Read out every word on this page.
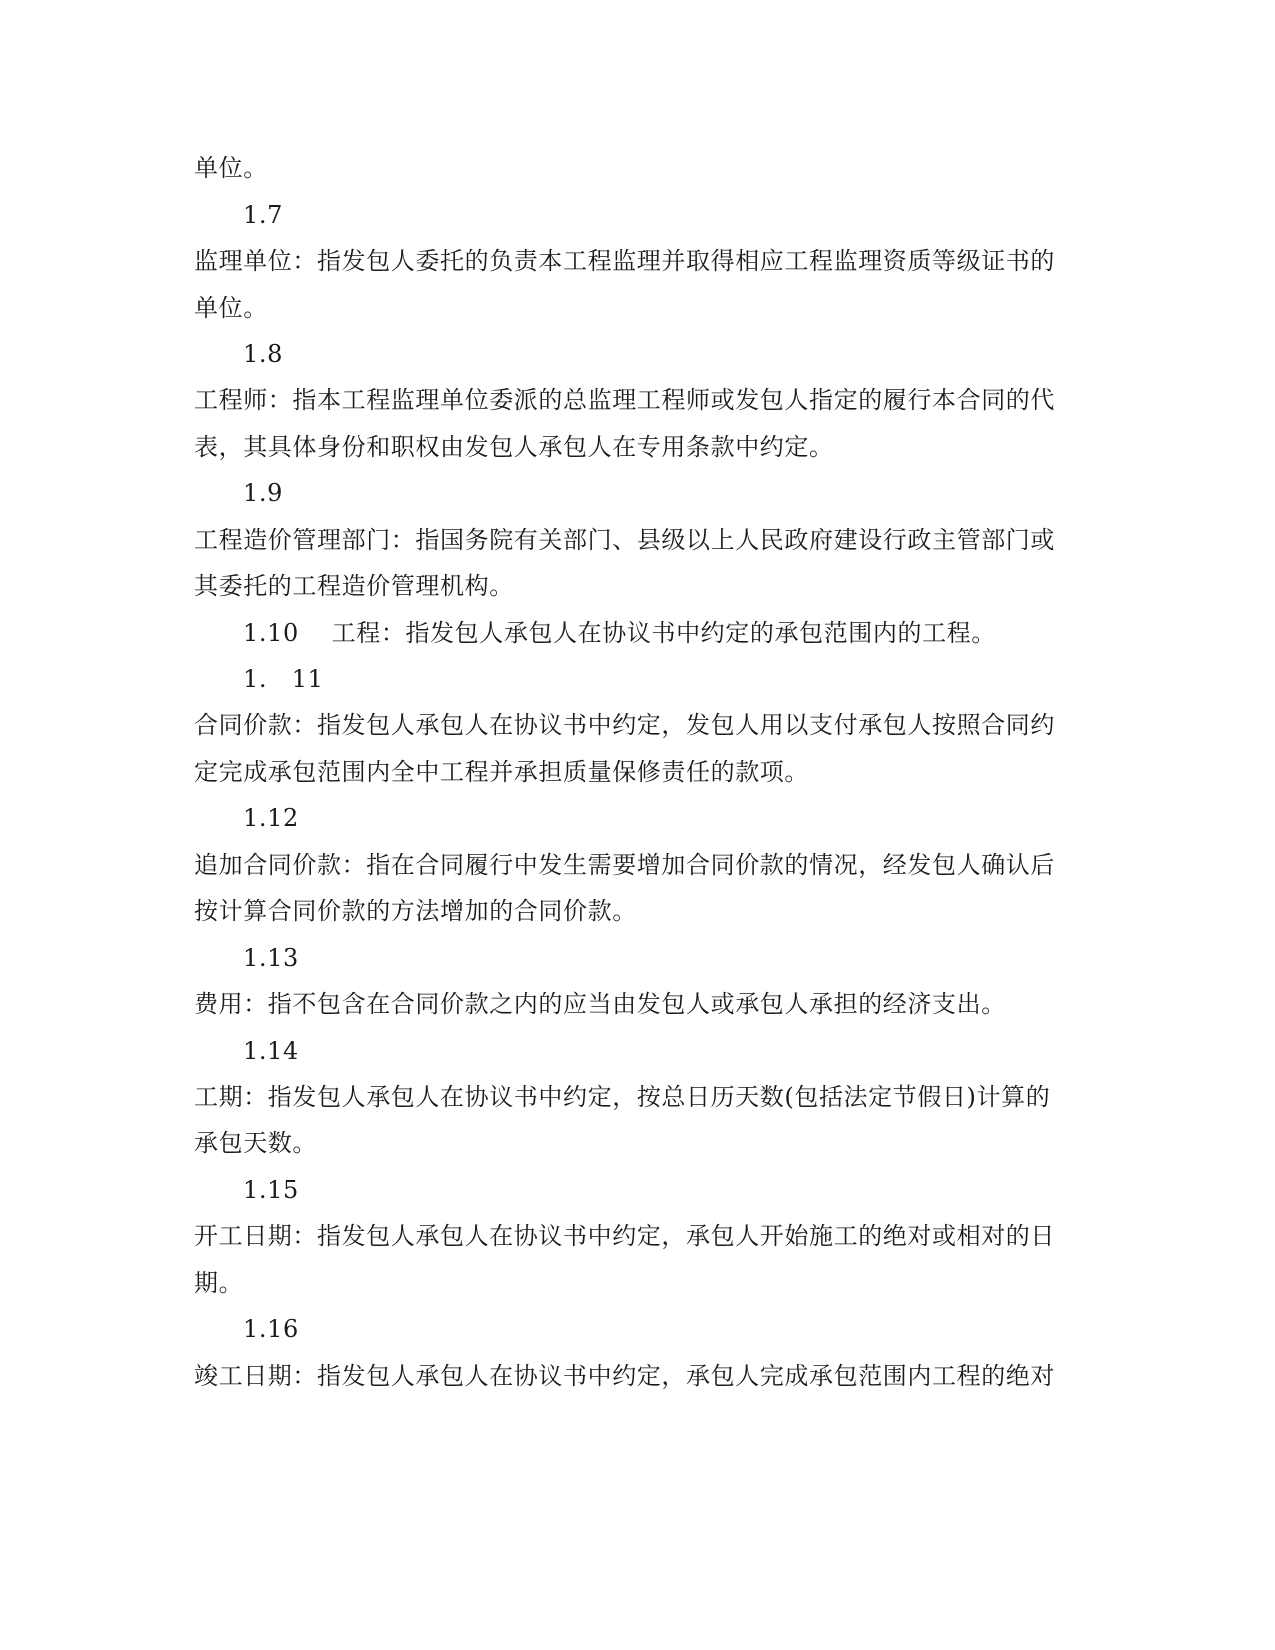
单位。
1.7
监理单位：指发包人委托的负责本工程监理并取得相应工程监理资质等级证书的
单位。
1.8
工程师：指本工程监理单位委派的总监理工程师或发包人指定的履行本合同的代
表，其具体身份和职权由发包人承包人在专用条款中约定。
1.9
工程造价管理部门：指国务院有关部门、县级以上人民政府建设行政主管部门或
其委托的工程造价管理机构。
1.10　 工程：指发包人承包人在协议书中约定的承包范围内的工程。
1.　11
合同价款：指发包人承包人在协议书中约定，发包人用以支付承包人按照合同约
定完成承包范围内全中工程并承担质量保修责任的款项。
1.12
追加合同价款：指在合同履行中发生需要增加合同价款的情况，经发包人确认后
按计算合同价款的方法增加的合同价款。
1.13
费用：指不包含在合同价款之内的应当由发包人或承包人承担的经济支出。
1.14
工期：指发包人承包人在协议书中约定，按总日历天数(包括法定节假日)计算的
承包天数。
1.15
开工日期：指发包人承包人在协议书中约定，承包人开始施工的绝对或相对的日
期。
1.16
竣工日期：指发包人承包人在协议书中约定，承包人完成承包范围内工程的绝对
